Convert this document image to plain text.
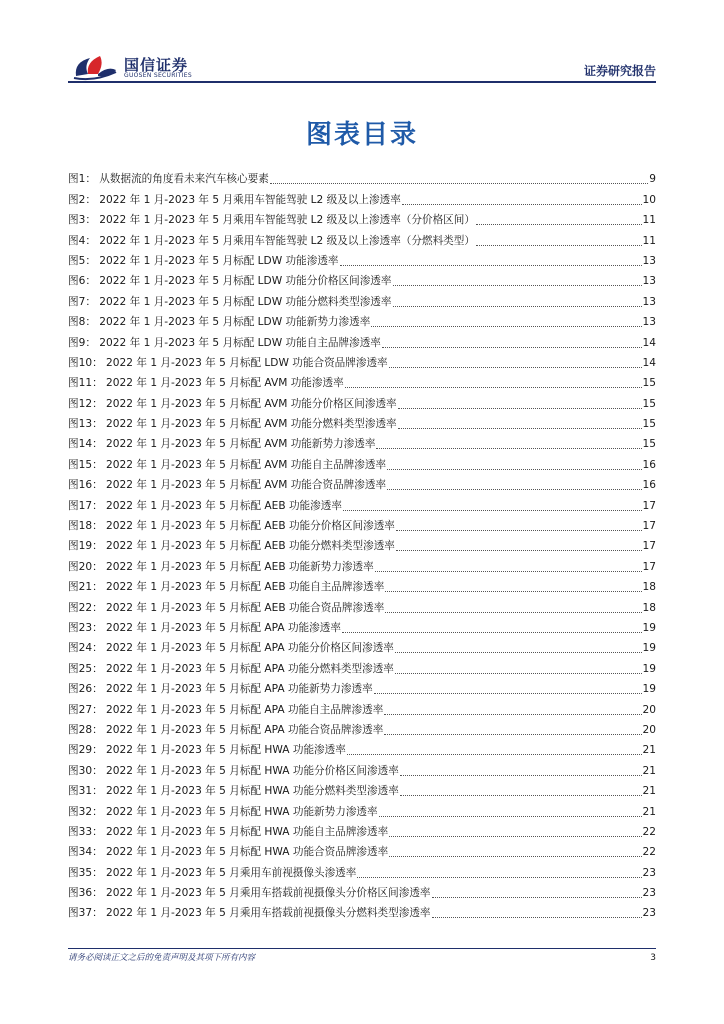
国信证券
GUOSEN SECURITIES	证券研究报告
图表目录
图1： 从数据流的角度看未来汽车核心要素	9
图2： 2022 年 1 月-2023 年 5 月乘用车智能驾驶 L2 级及以上渗透率	10
图3： 2022 年 1 月-2023 年 5 月乘用车智能驾驶 L2 级及以上渗透率（分价格区间）	11
图4： 2022 年 1 月-2023 年 5 月乘用车智能驾驶 L2 级及以上渗透率（分燃料类型）	11
图5： 2022 年 1 月-2023 年 5 月标配 LDW 功能渗透率	13
图6： 2022 年 1 月-2023 年 5 月标配 LDW 功能分价格区间渗透率	13
图7： 2022 年 1 月-2023 年 5 月标配 LDW 功能分燃料类型渗透率	13
图8： 2022 年 1 月-2023 年 5 月标配 LDW 功能新势力渗透率	13
图9： 2022 年 1 月-2023 年 5 月标配 LDW 功能自主品牌渗透率	14
图10： 2022 年 1 月-2023 年 5 月标配 LDW 功能合资品牌渗透率	14
图11： 2022 年 1 月-2023 年 5 月标配 AVM 功能渗透率	15
图12： 2022 年 1 月-2023 年 5 月标配 AVM 功能分价格区间渗透率	15
图13： 2022 年 1 月-2023 年 5 月标配 AVM 功能分燃料类型渗透率	15
图14： 2022 年 1 月-2023 年 5 月标配 AVM 功能新势力渗透率	15
图15： 2022 年 1 月-2023 年 5 月标配 AVM 功能自主品牌渗透率	16
图16： 2022 年 1 月-2023 年 5 月标配 AVM 功能合资品牌渗透率	16
图17： 2022 年 1 月-2023 年 5 月标配 AEB 功能渗透率	17
图18： 2022 年 1 月-2023 年 5 月标配 AEB 功能分价格区间渗透率	17
图19： 2022 年 1 月-2023 年 5 月标配 AEB 功能分燃料类型渗透率	17
图20： 2022 年 1 月-2023 年 5 月标配 AEB 功能新势力渗透率	17
图21： 2022 年 1 月-2023 年 5 月标配 AEB 功能自主品牌渗透率	18
图22： 2022 年 1 月-2023 年 5 月标配 AEB 功能合资品牌渗透率	18
图23： 2022 年 1 月-2023 年 5 月标配 APA 功能渗透率	19
图24： 2022 年 1 月-2023 年 5 月标配 APA 功能分价格区间渗透率	19
图25： 2022 年 1 月-2023 年 5 月标配 APA 功能分燃料类型渗透率	19
图26： 2022 年 1 月-2023 年 5 月标配 APA 功能新势力渗透率	19
图27： 2022 年 1 月-2023 年 5 月标配 APA 功能自主品牌渗透率	20
图28： 2022 年 1 月-2023 年 5 月标配 APA 功能合资品牌渗透率	20
图29： 2022 年 1 月-2023 年 5 月标配 HWA 功能渗透率	21
图30： 2022 年 1 月-2023 年 5 月标配 HWA 功能分价格区间渗透率	21
图31： 2022 年 1 月-2023 年 5 月标配 HWA 功能分燃料类型渗透率	21
图32： 2022 年 1 月-2023 年 5 月标配 HWA 功能新势力渗透率	21
图33： 2022 年 1 月-2023 年 5 月标配 HWA 功能自主品牌渗透率	22
图34： 2022 年 1 月-2023 年 5 月标配 HWA 功能合资品牌渗透率	22
图35： 2022 年 1 月-2023 年 5 月乘用车前视摄像头渗透率	23
图36： 2022 年 1 月-2023 年 5 月乘用车搭载前视摄像头分价格区间渗透率	23
图37： 2022 年 1 月-2023 年 5 月乘用车搭载前视摄像头分燃料类型渗透率	23
请务必阅读正文之后的免责声明及其项下所有内容	3
